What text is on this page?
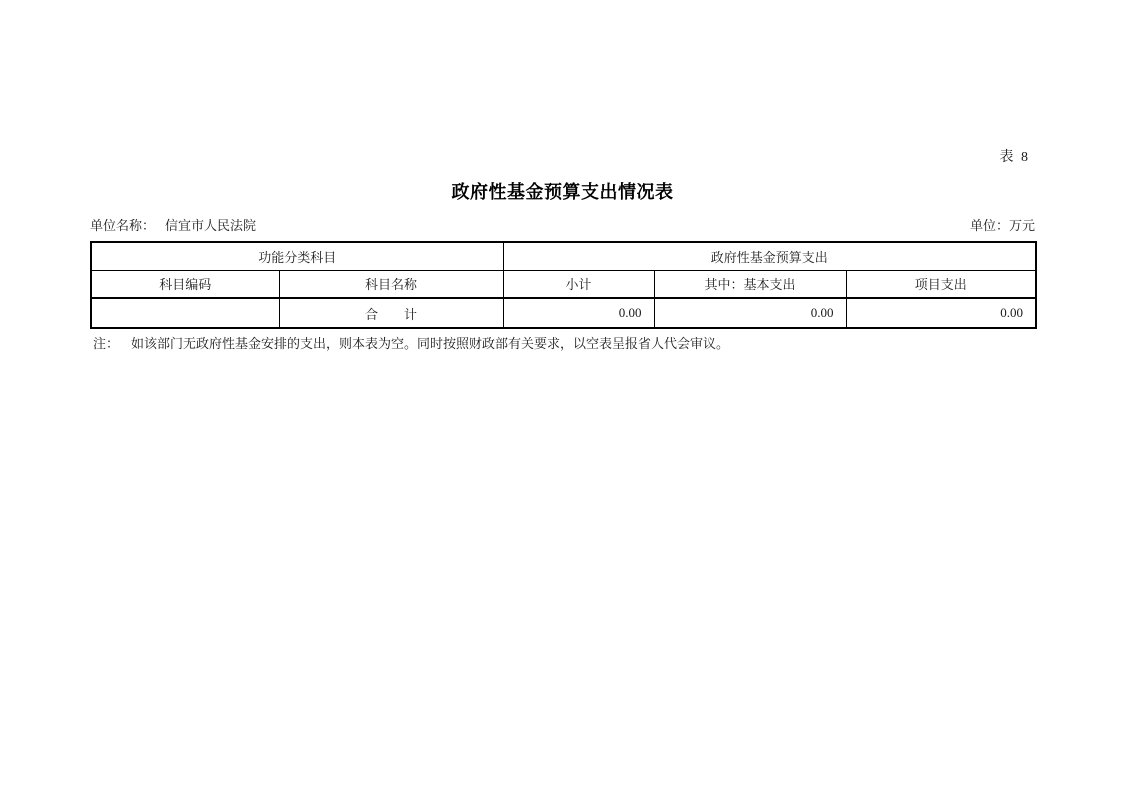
表 8
政府性基金预算支出情况表
单位名称： 信宜市人民法院	单位：万元
功能分类科目		政府性基金预算支出		
科目编码	科目名称	小计	其中：基本支出	项目支出
	合　　计	0.00	0.00	0.00
注： 如该部门无政府性基金安排的支出，则本表为空。同时按照财政部有关要求，以空表呈报省人代会审议。
